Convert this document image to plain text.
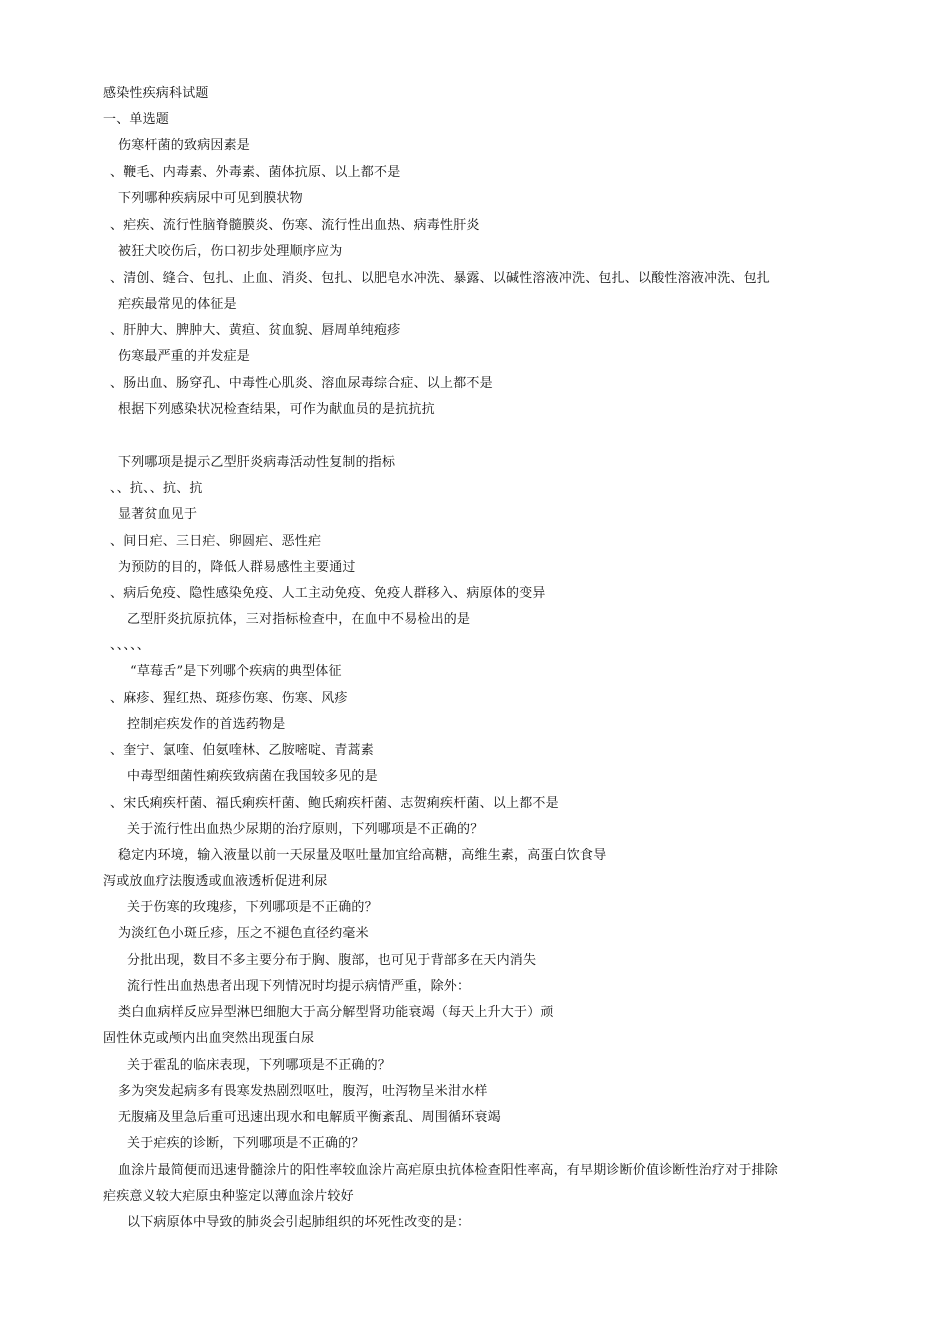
感染性疾病科试题
一、单选题
伤寒杆菌的致病因素是
、鞭毛、内毒素、外毒素、菌体抗原、以上都不是
下列哪种疾病尿中可见到膜状物
、疟疾、流行性脑脊髓膜炎、伤寒、流行性出血热、病毒性肝炎
被狂犬咬伤后，伤口初步处理顺序应为
、清创、缝合、包扎、止血、消炎、包扎、以肥皂水冲洗、暴露、以碱性溶液冲洗、包扎、以酸性溶液冲洗、包扎
疟疾最常见的体征是
、肝肿大、脾肿大、黄疸、贫血貌、唇周单纯疱疹
伤寒最严重的并发症是
、肠出血、肠穿孔、中毒性心肌炎、溶血尿毒综合症、以上都不是
根据下列感染状况检查结果，可作为献血员的是抗抗抗
下列哪项是提示乙型肝炎病毒活动性复制的指标
、、抗、、抗、抗
显著贫血见于
、间日疟、三日疟、卵圆疟、恶性疟
为预防的目的，降低人群易感性主要通过
、病后免疫、隐性感染免疫、人工主动免疫、免疫人群移入、病原体的变异
乙型肝炎抗原抗体，三对指标检查中，在血中不易检出的是
、、、、、
“草莓舌”是下列哪个疾病的典型体征
、麻疹、猩红热、斑疹伤寒、伤寒、风疹
控制疟疾发作的首选药物是
、奎宁、氯喹、伯氨喹林、乙胺嘧啶、青蒿素
中毒型细菌性痢疾致病菌在我国较多见的是
、宋氏痢疾杆菌、福氏痢疾杆菌、鲍氏痢疾杆菌、志贺痢疾杆菌、以上都不是
关于流行性出血热少尿期的治疗原则，下列哪项是不正确的？
稳定内环境，输入液量以前一天尿量及呕吐量加宜给高糖，高维生素，高蛋白饮食导
泻或放血疗法腹透或血液透析促进利尿
关于伤寒的玫瑰疹，下列哪项是不正确的？
为淡红色小斑丘疹，压之不褪色直径约毫米
分批出现，数目不多主要分布于胸、腹部，也可见于背部多在天内消失
流行性出血热患者出现下列情况时均提示病情严重，除外：
类白血病样反应异型淋巴细胞大于高分解型肾功能衰竭（每天上升大于）顽
固性休克或颅内出血突然出现蛋白尿
关于霍乱的临床表现，下列哪项是不正确的？
多为突发起病多有畏寒发热剧烈呕吐，腹泻，吐泻物呈米泔水样
无腹痛及里急后重可迅速出现水和电解质平衡紊乱、周围循环衰竭
关于疟疾的诊断，下列哪项是不正确的？
血涂片最简便而迅速骨髓涂片的阳性率较血涂片高疟原虫抗体检查阳性率高，有早期诊断价值诊断性治疗对于排除
疟疾意义较大疟原虫种鉴定以薄血涂片较好
以下病原体中导致的肺炎会引起肺组织的坏死性改变的是：
